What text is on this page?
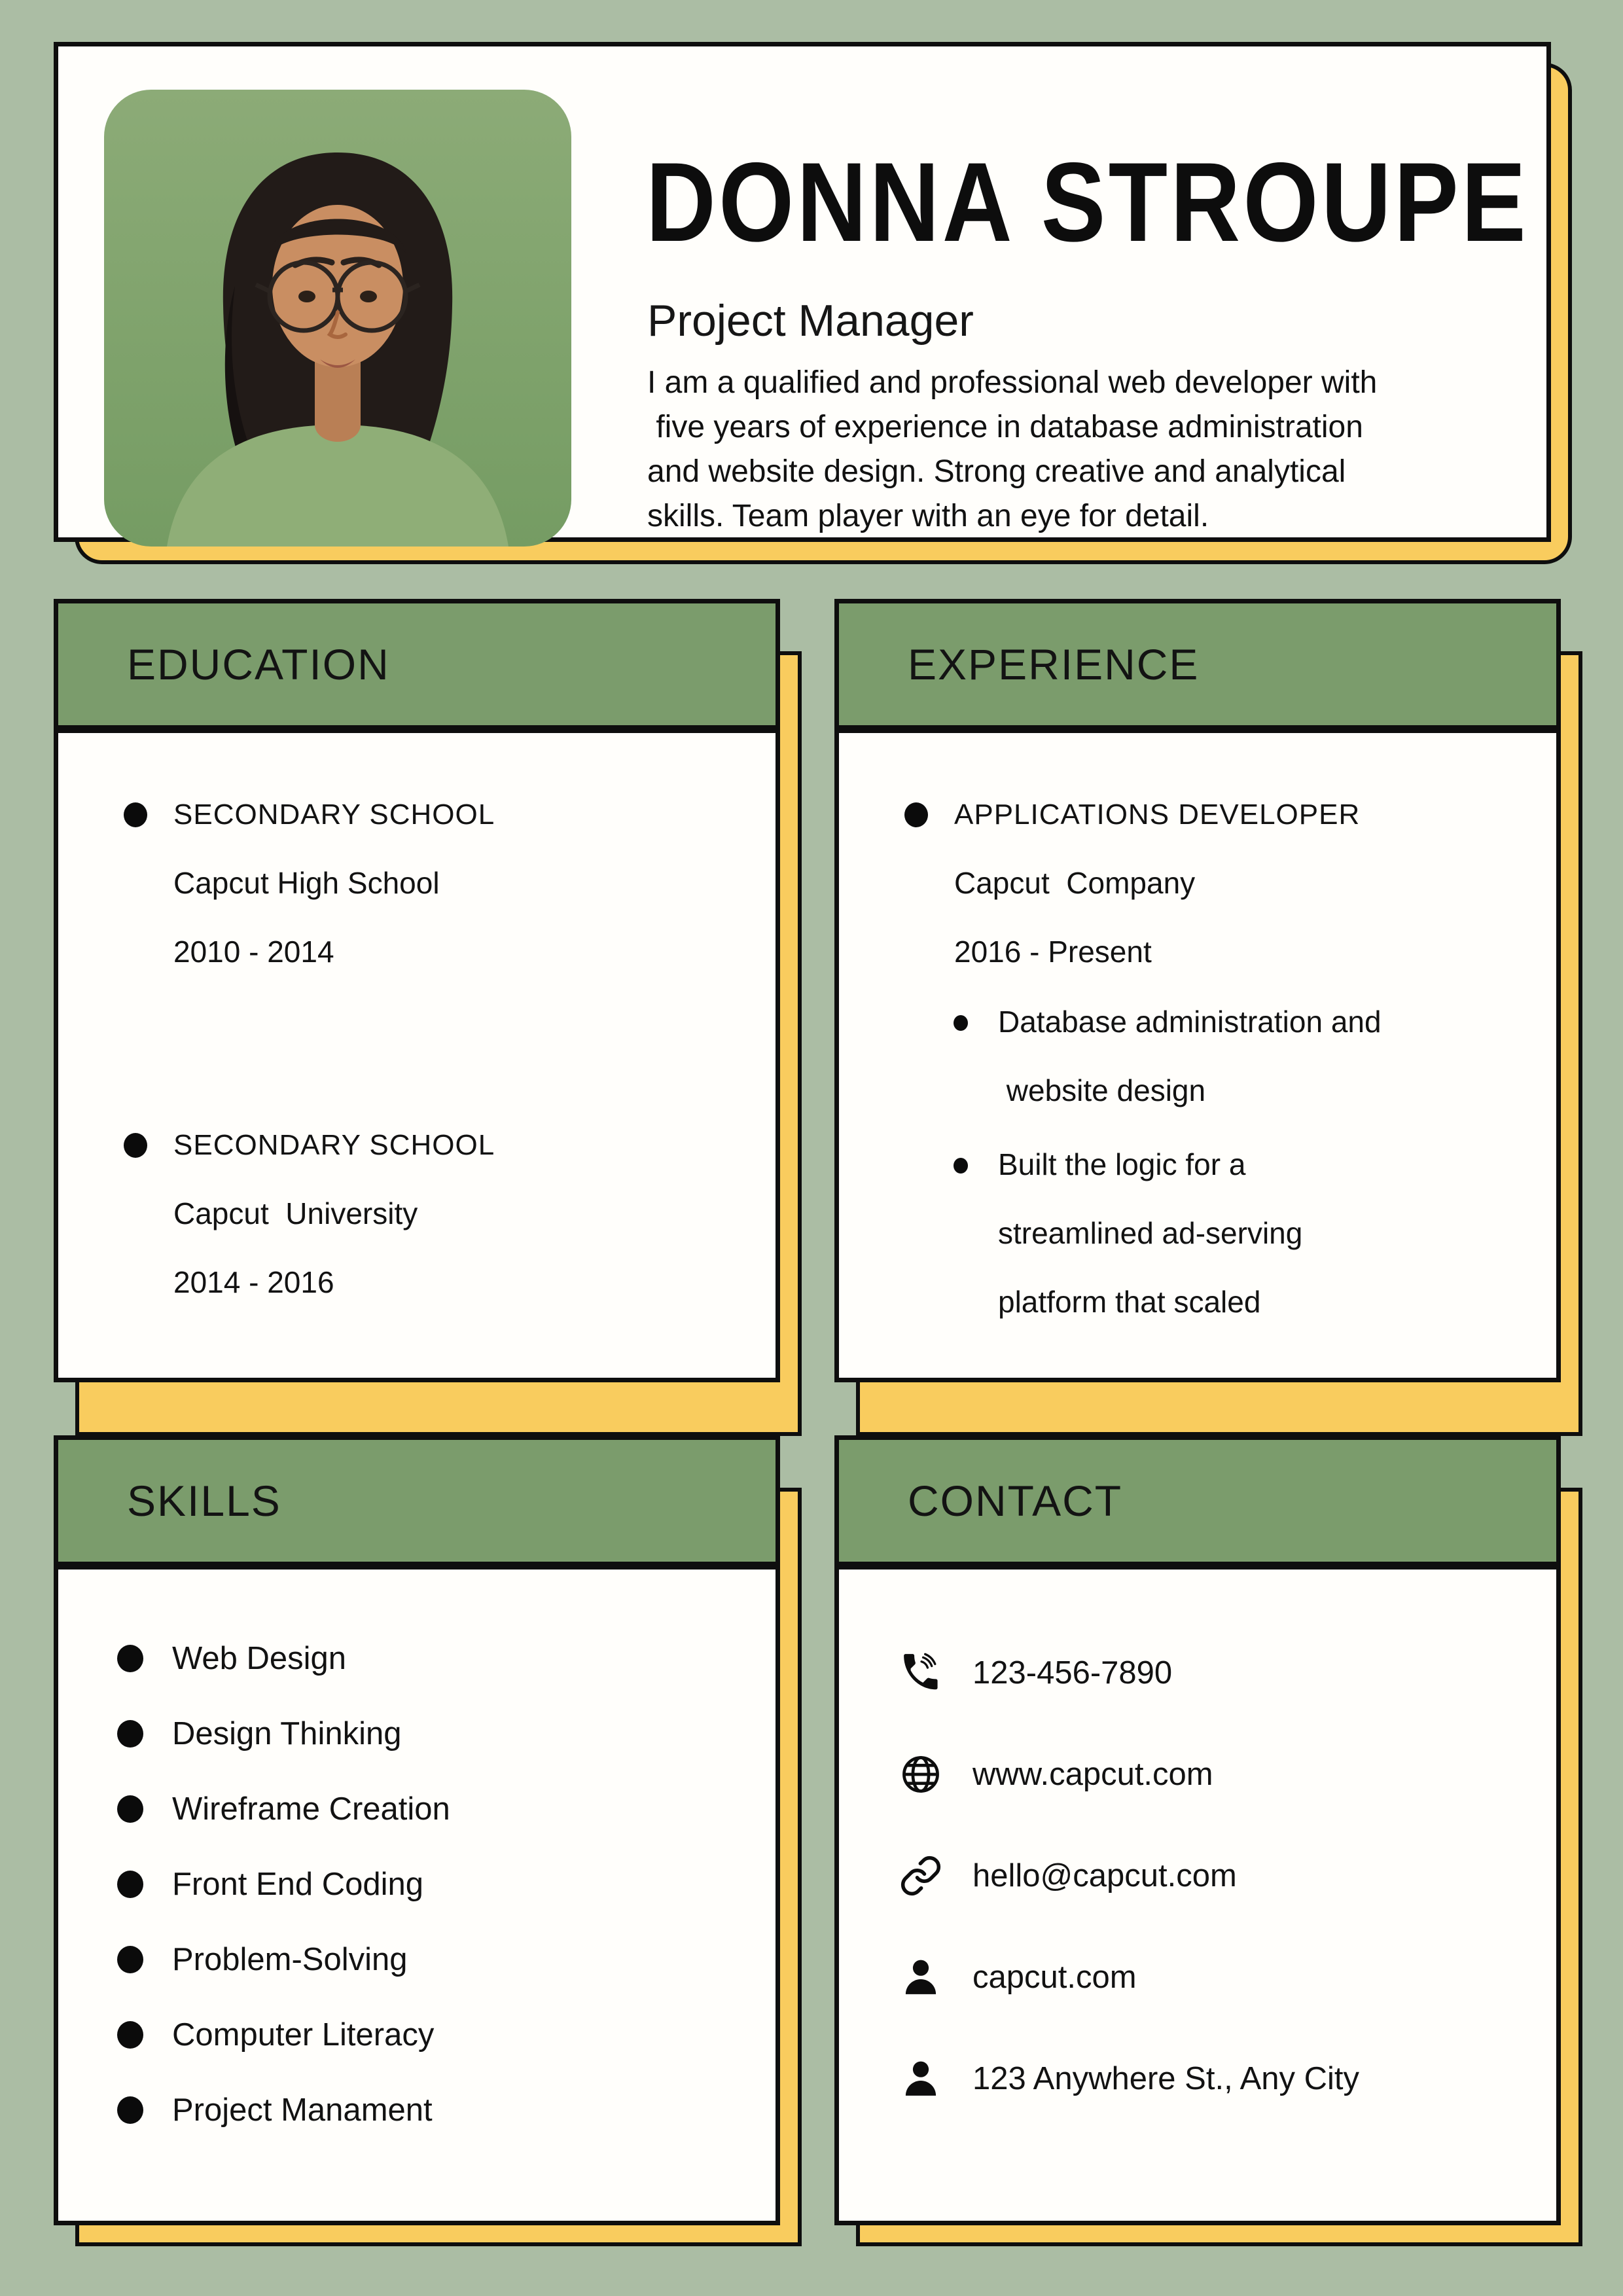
DONNA STROUPE
Project Manager
I am a qualified and professional web developer with
five years of experience in database administration
and website design. Strong creative and analytical
skills. Team player with an eye for detail.
EDUCATION
SECONDARY SCHOOL
Capcut High School
2010 - 2014
SECONDARY SCHOOL
Capcut  University
2014 - 2016
EXPERIENCE
APPLICATIONS DEVELOPER
Capcut  Company
2016 - Present
Database administration and
website design
Built the logic for a
streamlined ad-serving
platform that scaled
SKILLS
Web Design
Design Thinking
Wireframe Creation
Front End Coding
Problem-Solving
Computer Literacy
Project Manament
CONTACT
123-456-7890
www.capcut.com
hello@capcut.com
capcut.com
123 Anywhere St., Any City
